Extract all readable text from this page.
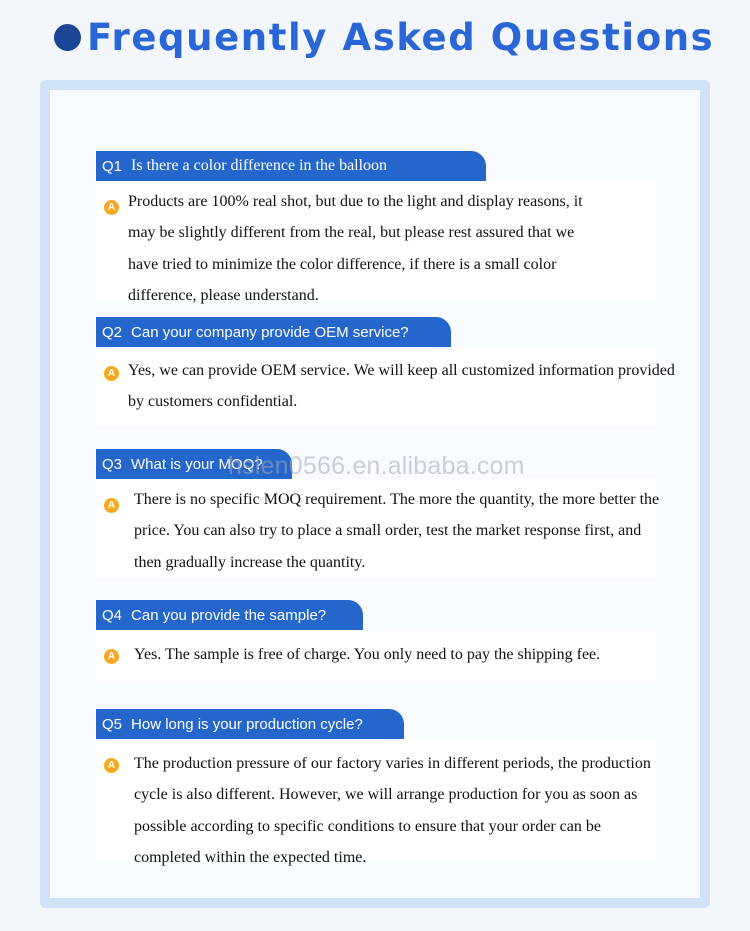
Frequently Asked Questions
Q1 Is there a color difference in the balloon
A Products are 100% real shot, but due to the light and display reasons, it may be slightly different from the real, but please rest assured that we have tried to minimize the color difference, if there is a small color difference, please understand.
Q2 Can your company provide OEM service?
A Yes, we can provide OEM service. We will keep all customized information provided by customers confidential.
Q3 What is your MOQ?
A There is no specific MOQ requirement. The more the quantity, the more better the price. You can also try to place a small order, test the market response first, and then gradually increase the quantity.
Q4 Can you provide the sample?
A Yes. The sample is free of charge. You only need to pay the shipping fee.
Q5 How long is your production cycle?
A The production pressure of our factory varies in different periods, the production cycle is also different. However, we will arrange production for you as soon as possible according to specific conditions to ensure that your order can be completed within the expected time.
hslen0566.en.alibaba.com
